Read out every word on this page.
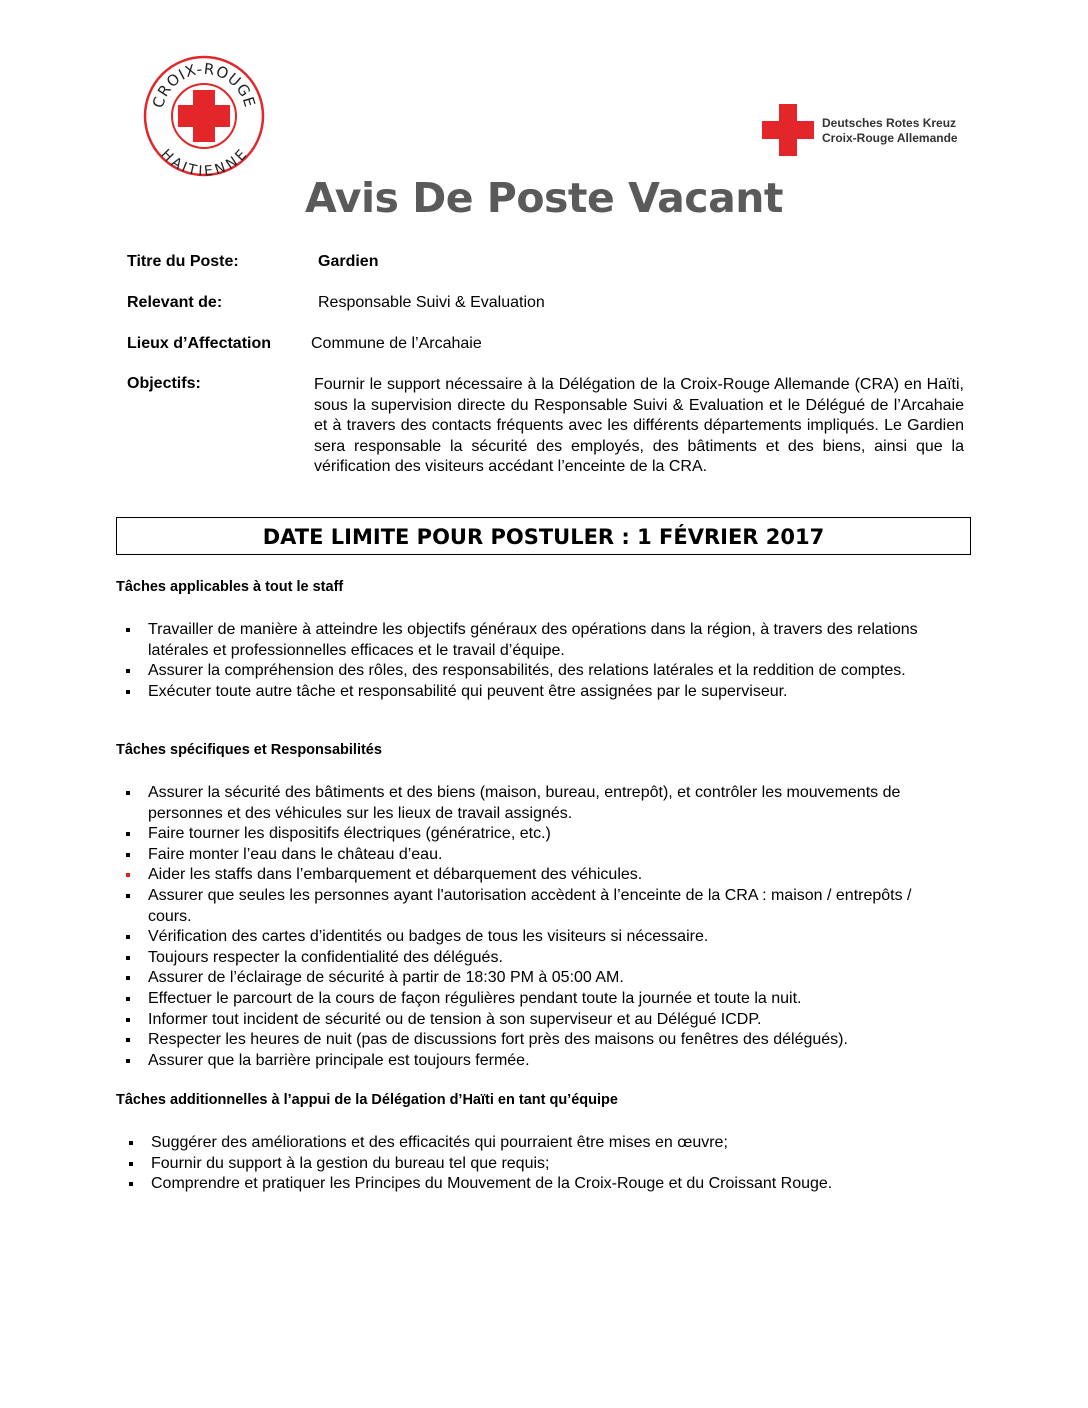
CROIX-ROUGE
HAITIENNE
Deutsches Rotes Kreuz
Croix-Rouge Allemande
Avis De Poste Vacant
Titre du Poste:	Gardien
Relevant de:	Responsable Suivi & Evaluation
Lieux d’Affectation Commune de l’Arcahaie
Objectifs:	Fournir le support nécessaire à la Délégation de la Croix-Rouge Allemande (CRA) en Haïti, sous la supervision directe du Responsable Suivi & Evaluation et le Délégué de l’Arcahaie et à travers des contacts fréquents avec les différents départements impliqués. Le Gardien sera responsable la sécurité des employés, des bâtiments et des biens, ainsi que la vérification des visiteurs accédant l’enceinte de la CRA.
DATE LIMITE POUR POSTULER : 1 FÉVRIER 2017
Tâches applicables à tout le staff
Travailler de manière à atteindre les objectifs généraux des opérations dans la région, à travers des relations latérales et professionnelles efficaces et le travail d’équipe.
Assurer la compréhension des rôles, des responsabilités, des relations latérales et la reddition de comptes.
Exécuter toute autre tâche et responsabilité qui peuvent être assignées par le superviseur.
Tâches spécifiques et Responsabilités
Assurer la sécurité des bâtiments et des biens (maison, bureau, entrepôt), et contrôler les mouvements de personnes et des véhicules sur les lieux de travail assignés.
Faire tourner les dispositifs électriques (génératrice, etc.)
Faire monter l’eau dans le château d’eau.
Aider les staffs dans l’embarquement et débarquement des véhicules.
Assurer que seules les personnes ayant l'autorisation accèdent à l’enceinte de la CRA : maison / entrepôts / cours.
Vérification des cartes d’identités ou badges de tous les visiteurs si nécessaire.
Toujours respecter la confidentialité des délégués.
Assurer de l’éclairage de sécurité à partir de 18:30 PM à 05:00 AM.
Effectuer le parcourt de la cours de façon régulières pendant toute la journée et toute la nuit.
Informer tout incident de sécurité ou de tension à son superviseur et au Délégué ICDP.
Respecter les heures de nuit (pas de discussions fort près des maisons ou fenêtres des délégués).
Assurer que la barrière principale est toujours fermée.
Tâches additionnelles à l’appui de la Délégation d’Haïti en tant qu’équipe
Suggérer des améliorations et des efficacités qui pourraient être mises en œuvre;
Fournir du support à la gestion du bureau tel que requis;
Comprendre et pratiquer les Principes du Mouvement de la Croix-Rouge et du Croissant Rouge.
